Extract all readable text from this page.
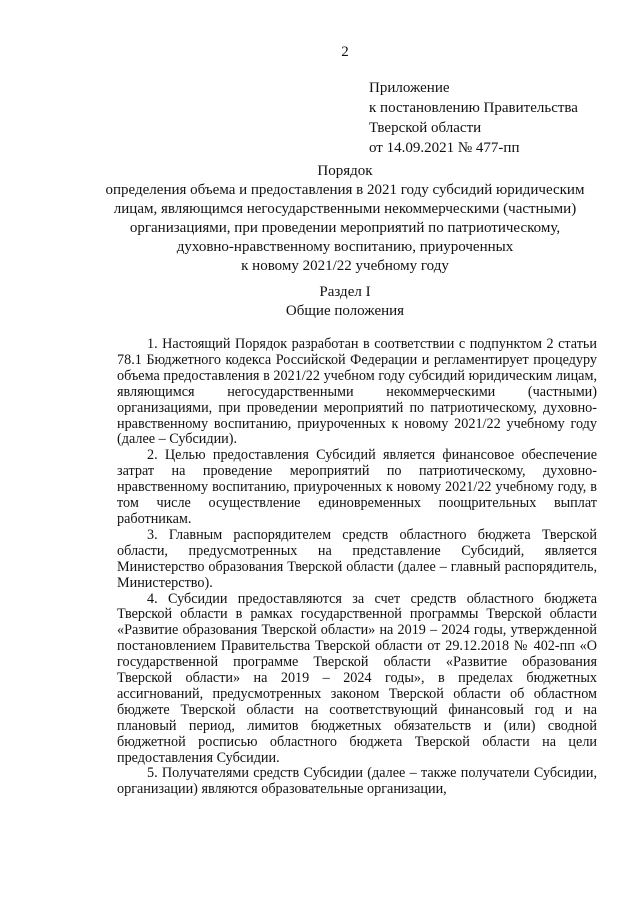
2
Приложение
к постановлению Правительства
Тверской области
от 14.09.2021 № 477-пп
Порядок
определения объема и предоставления в 2021 году субсидий юридическим
лицам, являющимся негосударственными некоммерческими (частными)
организациями, при проведении мероприятий по патриотическому,
духовно-нравственному воспитанию, приуроченных
к новому 2021/22 учебному году
Раздел I
Общие положения

1. Настоящий Порядок разработан в соответствии с подпунктом 2 статьи 78.1 Бюджетного кодекса Российской Федерации и регламентирует процедуру объема предоставления в 2021/22 учебном году субсидий юридическим лицам, являющимся негосударственными некоммерческими (частными) организациями, при проведении мероприятий по патриотическому, духовно-нравственному воспитанию, приуроченных к новому 2021/22 учебному году (далее – Субсидии).

2. Целью предоставления Субсидий является финансовое обеспечение затрат на проведение мероприятий по патриотическому, духовно-нравственному воспитанию, приуроченных к новому 2021/22 учебному году, в том числе осуществление единовременных поощрительных выплат работникам.

3. Главным распорядителем средств областного бюджета Тверской области, предусмотренных на представление Субсидий, является Министерство образования Тверской области (далее – главный распорядитель, Министерство).

4. Субсидии предоставляются за счет средств областного бюджета Тверской области в рамках государственной программы Тверской области «Развитие образования Тверской области» на 2019 – 2024 годы, утвержденной постановлением Правительства Тверской области от 29.12.2018 № 402-пп «О государственной программе Тверской области «Развитие образования Тверской области» на 2019 – 2024 годы», в пределах бюджетных ассигнований, предусмотренных законом Тверской области об областном бюджете Тверской области на соответствующий финансовый год и на плановый период, лимитов бюджетных обязательств и (или) сводной бюджетной росписью областного бюджета Тверской области на цели предоставления Субсидии.

5. Получателями средств Субсидии (далее – также получатели Субсидии, организации) являются образовательные организации,
